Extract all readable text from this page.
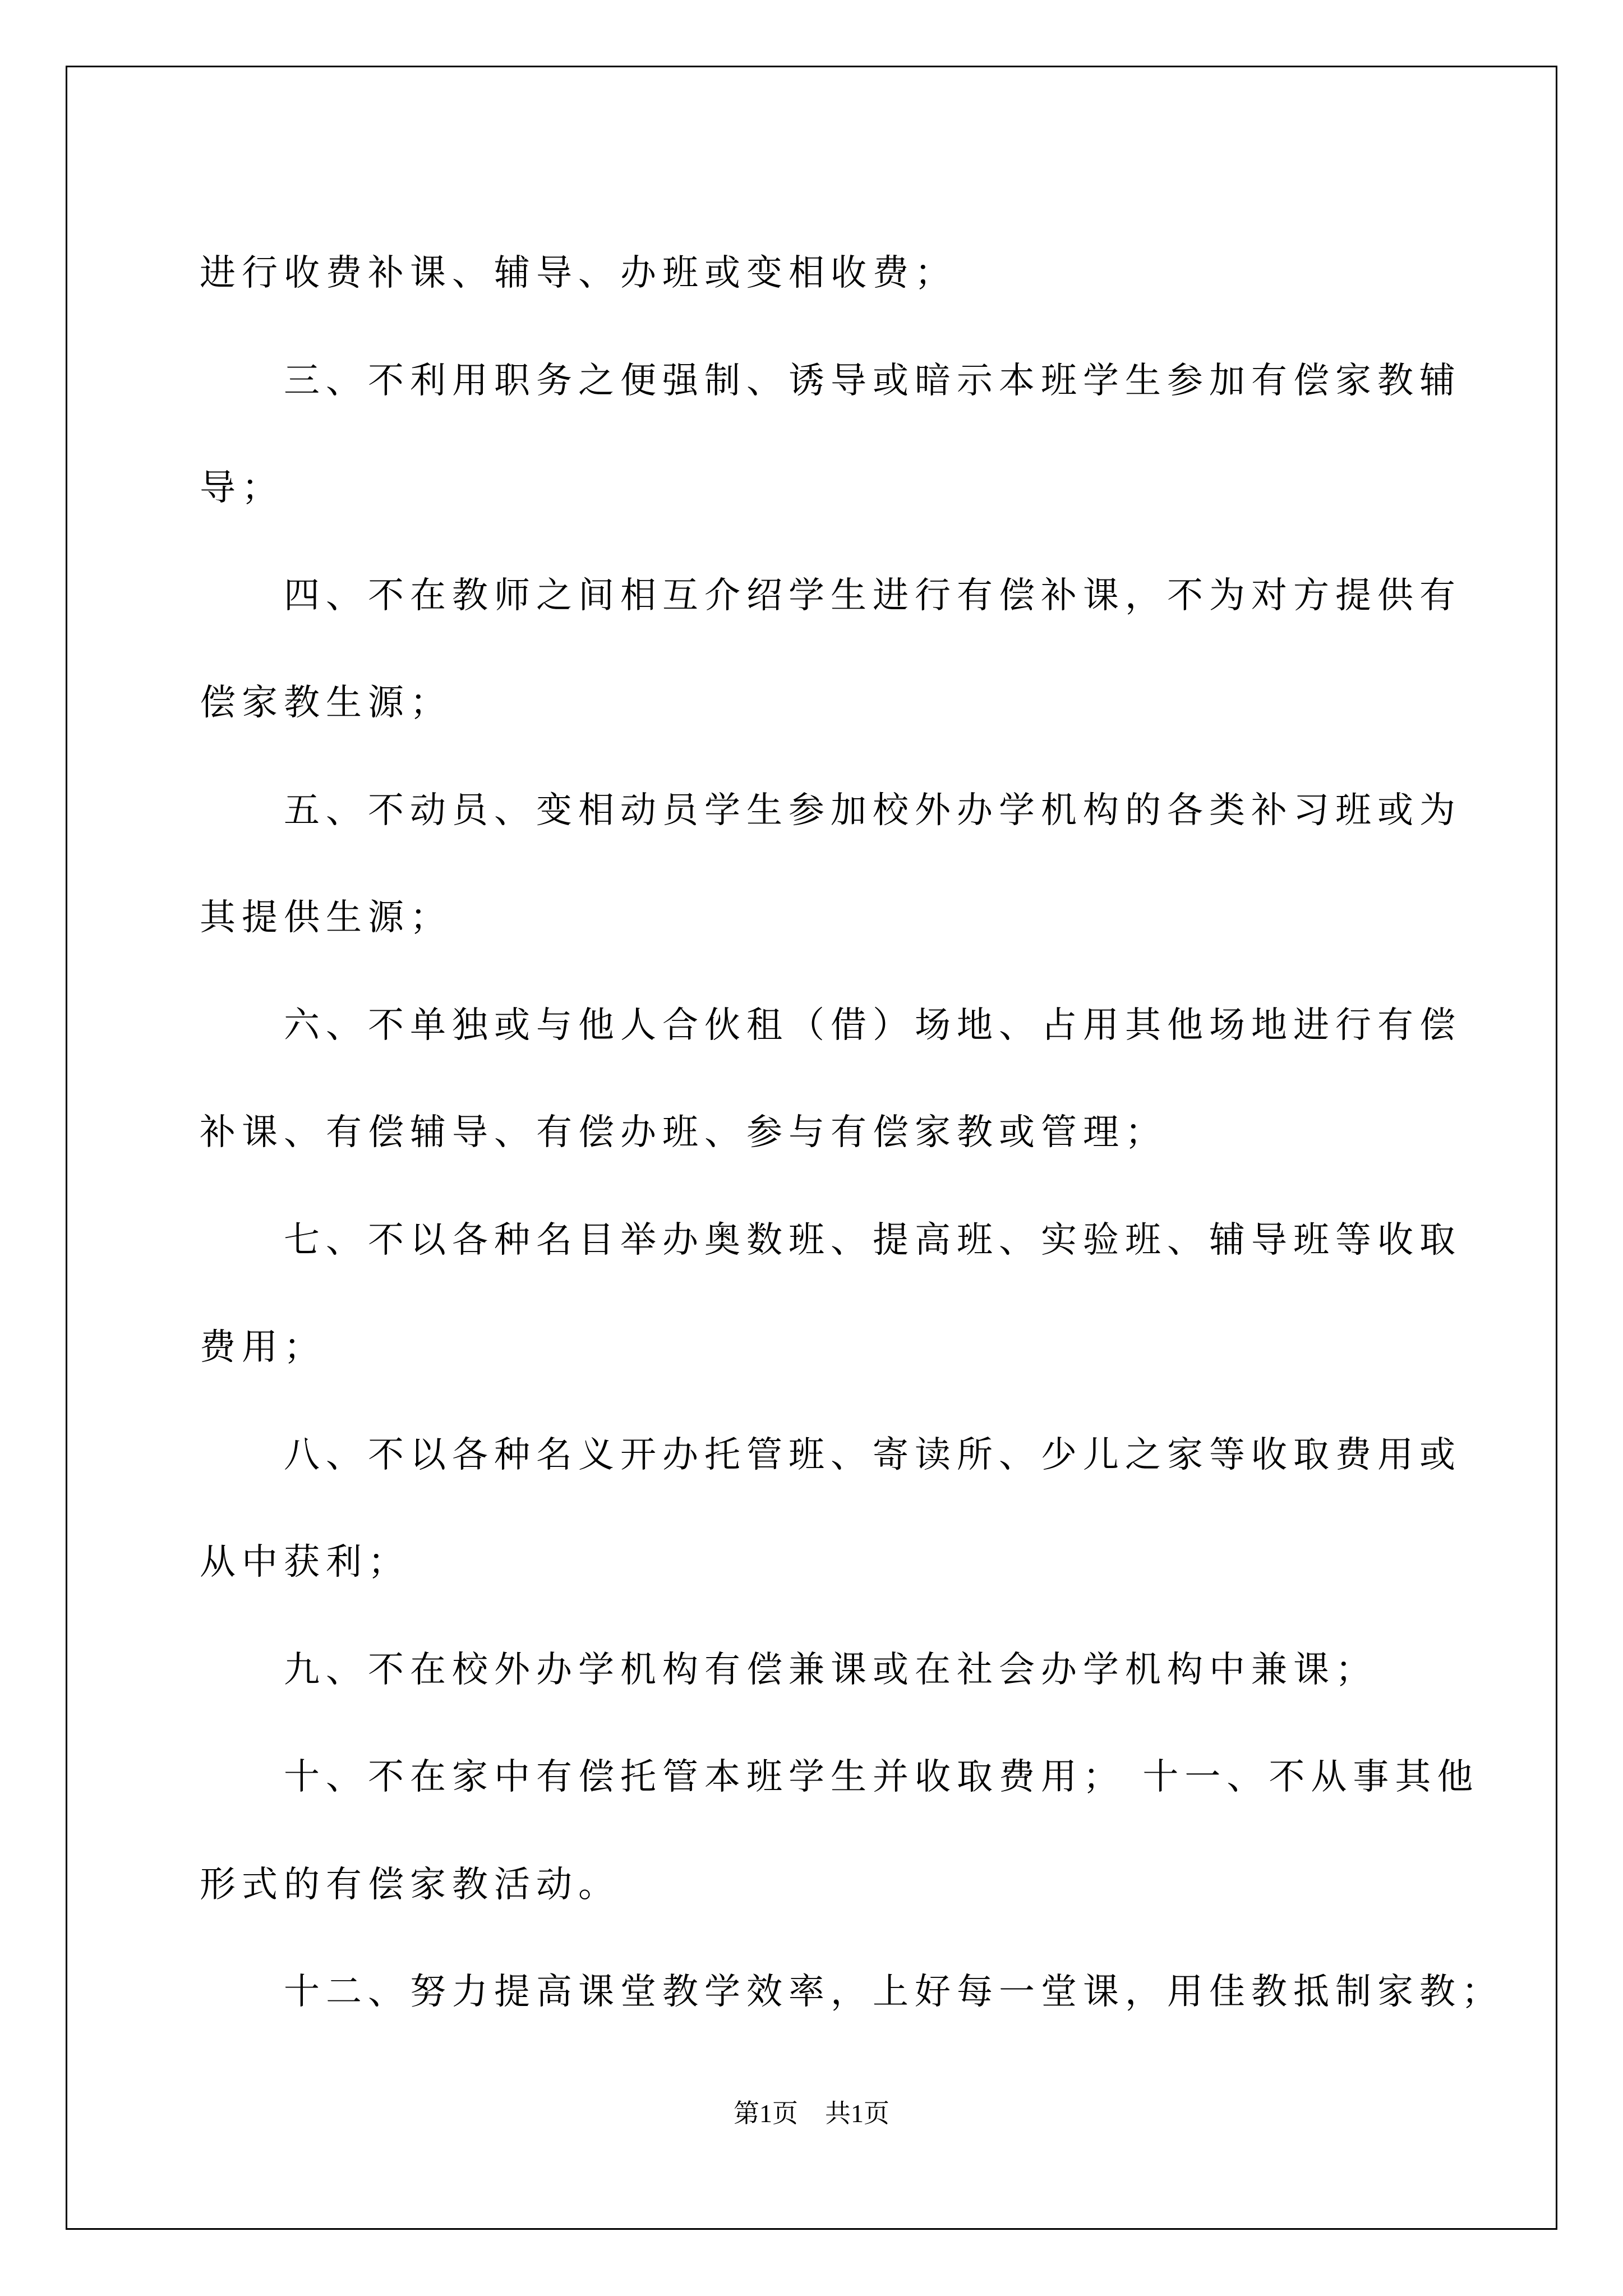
进行收费补课、辅导、办班或变相收费；

三、不利用职务之便强制、诱导或暗示本班学生参加有偿家教辅

导；

四、不在教师之间相互介绍学生进行有偿补课，不为对方提供有

偿家教生源；

五、不动员、变相动员学生参加校外办学机构的各类补习班或为

其提供生源；

六、不单独或与他人合伙租（借）场地、占用其他场地进行有偿

补课、有偿辅导、有偿办班、参与有偿家教或管理；

七、不以各种名目举办奥数班、提高班、实验班、辅导班等收取

费用；

八、不以各种名义开办托管班、寄读所、少儿之家等收取费用或

从中获利；

九、不在校外办学机构有偿兼课或在社会办学机构中兼课；

十、不在家中有偿托管本班学生并收取费用； 十一、不从事其他

形式的有偿家教活动。

十二、努力提高课堂教学效率，上好每一堂课，用佳教抵制家教；

第1页 共1页
